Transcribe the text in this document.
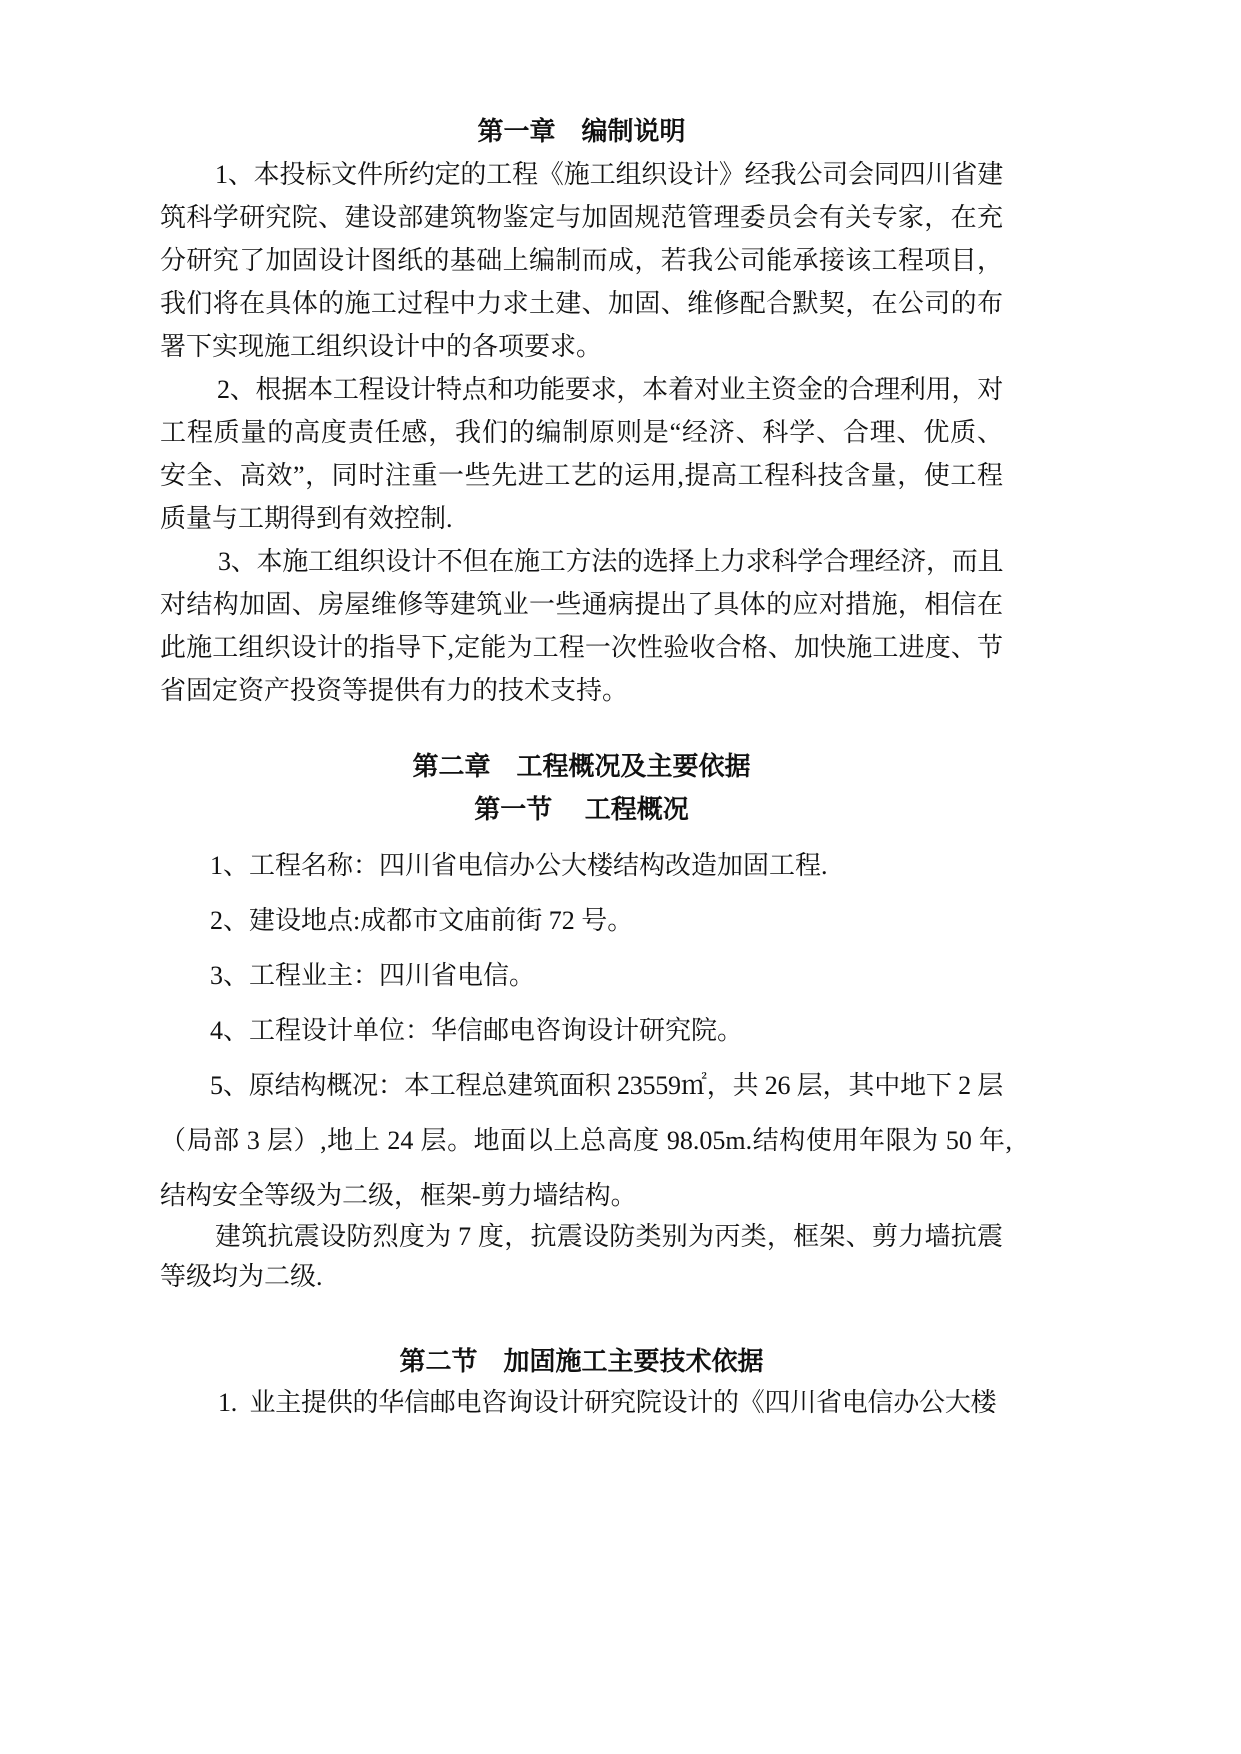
第一章　编制说明
1、本投标文件所约定的工程《施工组织设计》经我公司会同四川省建
筑科学研究院、建设部建筑物鉴定与加固规范管理委员会有关专家，在充
分研究了加固设计图纸的基础上编制而成，若我公司能承接该工程项目，
我们将在具体的施工过程中力求土建、加固、维修配合默契，在公司的布
署下实现施工组织设计中的各项要求。
2、根据本工程设计特点和功能要求，本着对业主资金的合理利用，对
工程质量的高度责任感，我们的编制原则是“经济、科学、合理、优质、
安全、高效”，同时注重一些先进工艺的运用,提高工程科技含量，使工程
质量与工期得到有效控制.
3、本施工组织设计不但在施工方法的选择上力求科学合理经济，而且
对结构加固、房屋维修等建筑业一些通病提出了具体的应对措施，相信在
此施工组织设计的指导下,定能为工程一次性验收合格、加快施工进度、节
省固定资产投资等提供有力的技术支持。
第二章　工程概况及主要依据
第一节　 工程概况
1、工程名称：四川省电信办公大楼结构改造加固工程.
2、建设地点:成都市文庙前街 72 号。
3、工程业主：四川省电信。
4、工程设计单位：华信邮电咨询设计研究院。
5、原结构概况：本工程总建筑面积 23559㎡，共 26 层，其中地下 2 层
（局部 3 层）,地上 24 层。地面以上总高度 98.05m.结构使用年限为 50 年,
结构安全等级为二级，框架-剪力墙结构。
建筑抗震设防烈度为 7 度，抗震设防类别为丙类，框架、剪力墙抗震
等级均为二级.
第二节　加固施工主要技术依据
1.  业主提供的华信邮电咨询设计研究院设计的《四川省电信办公大楼
